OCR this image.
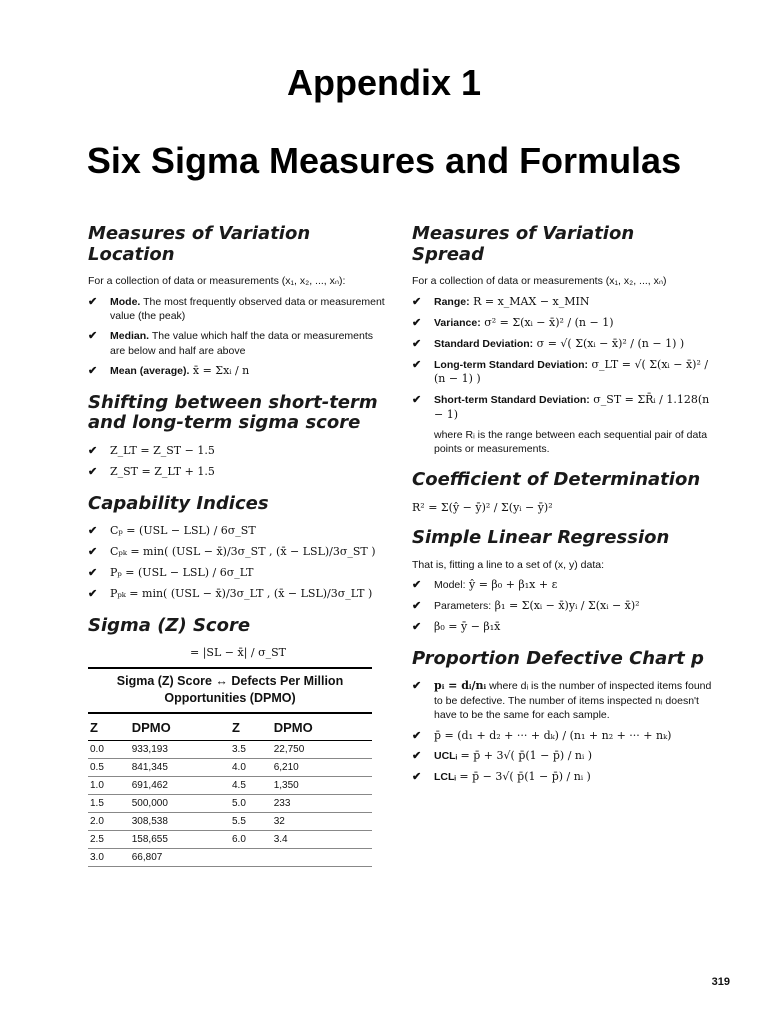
Appendix 1
Six Sigma Measures and Formulas
Measures of Variation Location
For a collection of data or measurements (x₁, x₂, ..., xₙ):
✔ Mode. The most frequently observed data or measurement value (the peak)
✔ Median. The value which half the data or measurements are below and half are above
✔ Mean (average). x̄ = Σxᵢ / n
Shifting between short-term and long-term sigma score
✔ Z_LT = Z_ST − 1.5
✔ Z_ST = Z_LT + 1.5
Capability Indices
✔ Cₚ = (USL − LSL) / 6σ_ST
✔ Cₚₖ = min( (USL − x̄)/3σ_ST , (x̄ − LSL)/3σ_ST )
✔ Pₚ = (USL − LSL) / 6σ_LT
✔ Pₚₖ = min( (USL − x̄)/3σ_LT , (x̄ − LSL)/3σ_LT )
Sigma (Z) Score
= |SL − x̄| / σ_ST
Sigma (Z) Score ↔ Defects Per Million Opportunities (DPMO)
Z	DPMO	Z	DPMO
0.0	933,193	3.5	22,750
0.5	841,345	4.0	6,210
1.0	691,462	4.5	1,350
1.5	500,000	5.0	233
2.0	308,538	5.5	32
2.5	158,655	6.0	3.4
3.0	66,807		
Measures of Variation Spread
For a collection of data or measurements (x₁, x₂, ..., xₙ)
✔ Range: R = x_MAX − x_MIN
✔ Variance: σ² = Σ(xᵢ − x̄)² / (n − 1)
✔ Standard Deviation: σ = √( Σ(xᵢ − x̄)² / (n − 1) )
✔ Long-term Standard Deviation: σ_LT = √( Σ(xᵢ − x̄)² / (n − 1) )
✔ Short-term Standard Deviation: σ_ST = ΣR̄ᵢ / 1.128(n − 1)
where Rᵢ is the range between each sequential pair of data points or measurements.
Coefficient of Determination
R² = Σ(ŷ − ȳ)² / Σ(yᵢ − ȳ)²
Simple Linear Regression
That is, fitting a line to a set of (x, y) data:
✔ Model: ŷ = β₀ + β₁x + ε
✔ Parameters: β₁ = Σ(xᵢ − x̄)yᵢ / Σ(xᵢ − x̄)²
✔ β₀ = ȳ − β₁x̄
Proportion Defective Chart p
✔ pᵢ = dᵢ/nᵢ where dᵢ is the number of inspected items found to be defective. The number of items inspected nᵢ doesn't have to be the same for each sample.
✔ p̄ = (d₁ + d₂ + ··· + dₖ) / (n₁ + n₂ + ··· + nₖ)
✔ UCLᵢ = p̄ + 3√( p̄(1 − p̄) / nᵢ )
✔ LCLᵢ = p̄ − 3√( p̄(1 − p̄) / nᵢ )
319
